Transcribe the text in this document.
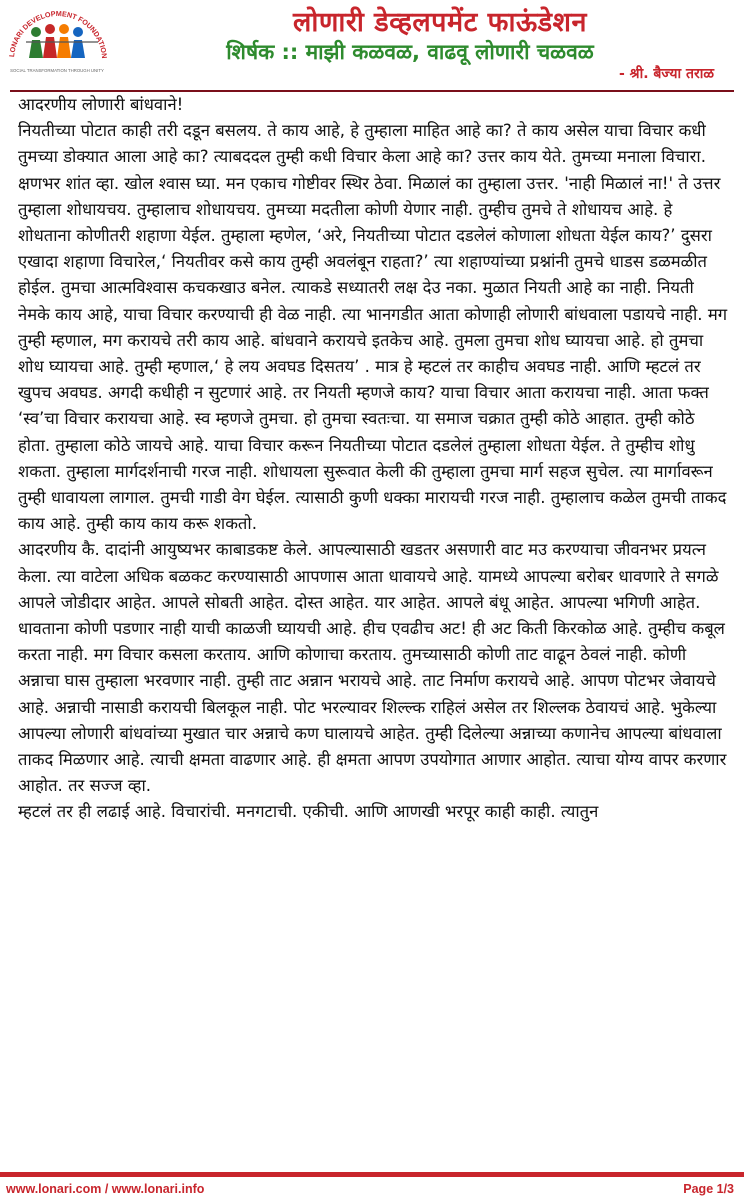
LONARI DEVELOPMENT FOUNDATION
SOCIAL TRANSFORMATION THROUGH UNITY
लोणारी डेव्हलपमेंट फाऊंडेशन
शिर्षक :: माझी कळवळ, वाढवू लोणारी चळवळ
- श्री. बैज्या तराळ

आदरणीय लोणारी बांधवाने!

नियतीच्या पोटात काही तरी दडून बसलय. ते काय आहे, हे तुम्हाला माहित आहे का? ते काय असेल याचा विचार कधी तुमच्या डोक्यात आला आहे का? त्याबददल तुम्ही कधी विचार केला आहे का? उत्तर काय येते. तुमच्या मनाला विचारा. क्षणभर शांत व्हा. खोल श्वास घ्या. मन एकाच गोष्टीवर स्थिर ठेवा. मिळालं का तुम्हाला उत्तर. 'नाही मिळालं ना!' ते उत्तर तुम्हाला शोधायचय. तुम्हालाच शोधायचय. तुमच्या मदतीला कोणी येणार नाही. तुम्हीच तुमचे ते शोधायच आहे. हे शोधताना कोणीतरी शहाणा येईल. तुम्हाला म्हणेल, ‘अरे, नियतीच्या पोटात दडलेलं कोणाला शोधता येईल काय?’ दुसरा एखादा शहाणा विचारेल,‘ नियतीवर कसे काय तुम्ही अवलंबून राहता?’ त्या शहाण्यांच्या प्रश्नांनी तुमचे धाडस डळमळीत होईल. तुमचा आत्मविश्वास कचकखाउ बनेल. त्याकडे सध्यातरी लक्ष देउ नका. मुळात नियती आहे का नाही. नियती नेमके काय आहे, याचा विचार करण्याची ही वेळ नाही. त्या भानगडीत आता कोणाही लोणारी बांधवाला पडायचे नाही. मग तुम्ही म्हणाल, मग करायचे तरी काय आहे. बांधवाने करायचे इतकेच आहे. तुमला तुमचा शोध घ्यायचा आहे. हो तुमचा शोध घ्यायचा आहे. तुम्ही म्हणाल,‘ हे लय अवघड दिसतय’ . मात्र हे म्हटलं तर काहीच अवघड नाही. आणि म्हटलं तर खुपच अवघड. अगदी कधीही न सुटणारं आहे. तर नियती म्हणजे काय? याचा विचार आता करायचा नाही. आता फक्त ‘स्व’चा विचार करायचा आहे. स्व म्हणजे तुमचा. हो तुमचा स्वतःचा. या समाज चक्रात तुम्ही कोठे आहात. तुम्ही कोठे होता. तुम्हाला कोठे जायचे आहे. याचा विचार करून नियतीच्या पोटात दडलेलं तुम्हाला शोधता येईल. ते तुम्हीच शोधु शकता. तुम्हाला मार्गदर्शनाची गरज नाही. शोधायला सुरूवात केली की तुम्हाला तुमचा मार्ग सहज सुचेल. त्या मार्गावरून तुम्ही धावायला लागाल. तुमची गाडी वेग घेईल. त्यासाठी कुणी धक्का मारायची गरज नाही. तुम्हालाच कळेल तुमची ताकद काय आहे. तुम्ही काय काय करू शकतो.

आदरणीय कै. दादांनी आयुष्यभर काबाडकष्ट केले. आपल्यासाठी खडतर असणारी वाट मउ करण्याचा जीवनभर प्रयत्न केला. त्या वाटेला अधिक बळकट करण्यासाठी आपणास आता धावायचे आहे. यामध्ये आपल्या बरोबर धावणारे ते सगळे आपले जोडीदार आहेत. आपले सोबती आहेत. दोस्त आहेत. यार आहेत. आपले बंधू आहेत. आपल्या भगिणी आहेत. धावताना कोणी पडणार नाही याची काळजी घ्यायची आहे. हीच एवढीच अट! ही अट किती किरकोळ आहे. तुम्हीच कबूल करता नाही. मग विचार कसला करताय. आणि कोणाचा करताय. तुमच्यासाठी कोणी ताट वाढून ठेवलं नाही. कोणी अन्नाचा घास तुम्हाला भरवणार नाही. तुम्ही ताट अन्नान भरायचे आहे. ताट निर्माण करायचे आहे. आपण पोटभर जेवायचे आहे. अन्नाची नासाडी करायची बिलकूल नाही. पोट भरल्यावर शिल्ल्क राहिलं असेल तर शिल्लक ठेवायचं आहे. भुकेल्या आपल्या लोणारी बांधवांच्या मुखात चार अन्नाचे कण घालायचे आहेत. तुम्ही दिलेल्या अन्नाच्या कणानेच आपल्या बांधवाला ताकद मिळणार आहे. त्याची क्षमता वाढणार आहे. ही क्षमता आपण उपयोगात आणार आहोत. त्याचा योग्य वापर करणार आहोत. तर सज्ज व्हा.

म्हटलं तर ही लढाई आहे. विचारांची. मनगटाची. एकीची. आणि आणखी भरपूर काही काही. त्यातुन

www.lonari.com / www.lonari.info	Page 1/3
